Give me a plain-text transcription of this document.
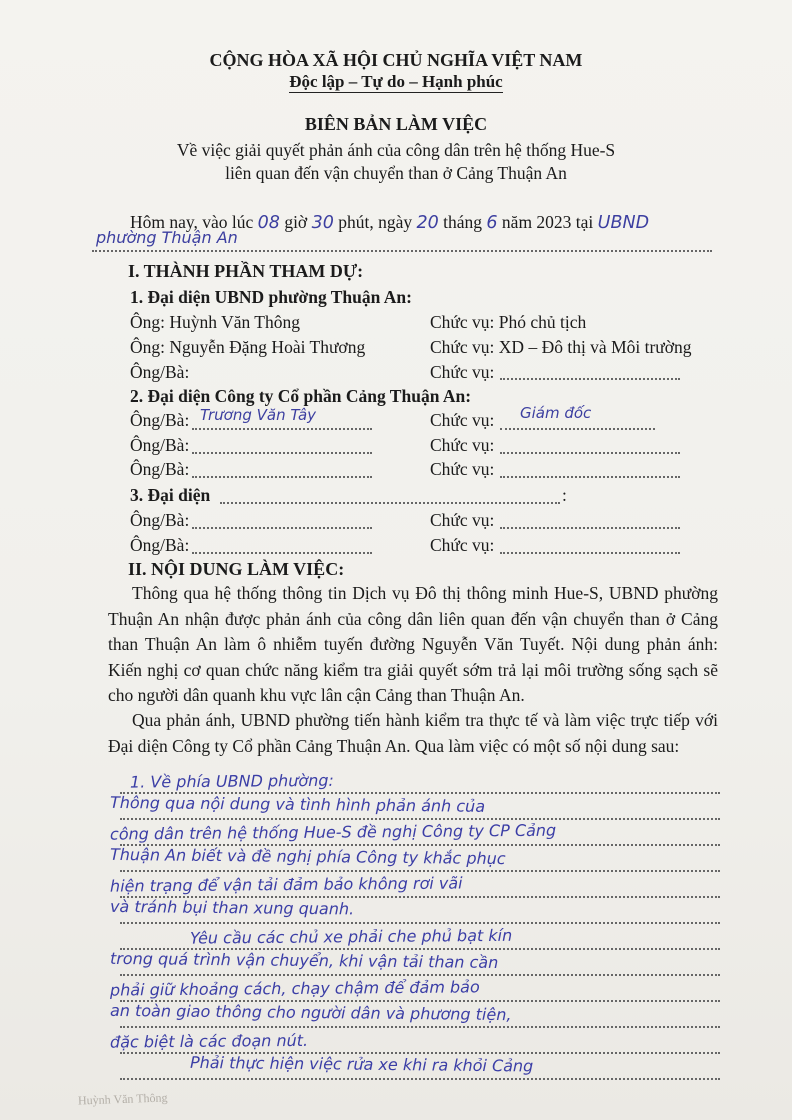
CỘNG HÒA XÃ HỘI CHỦ NGHĨA VIỆT NAM
Độc lập – Tự do – Hạnh phúc
BIÊN BẢN LÀM VIỆC
Về việc giải quyết phản ánh của công dân trên hệ thống Hue-S
liên quan đến vận chuyển than ở Cảng Thuận An
Hôm nay, vào lúc 08 giờ 30 phút, ngày 20 tháng 6 năm 2023 tại UBND
phường Thuận An
I. THÀNH PHẦN THAM DỰ:
1. Đại diện UBND phường Thuận An:
Ông: Huỳnh Văn Thông	Chức vụ: Phó chủ tịch
Ông: Nguyễn Đặng Hoài Thương	Chức vụ: XD – Đô thị và Môi trường
Ông/Bà:	Chức vụ:
2. Đại diện Công ty Cổ phần Cảng Thuận An:
Ông/Bà: Trương Văn Tây	Chức vụ: Giám đốc
Ông/Bà:	Chức vụ:
Ông/Bà:	Chức vụ:
3. Đại diện	:
Ông/Bà:	Chức vụ:
Ông/Bà:	Chức vụ:
II. NỘI DUNG LÀM VIỆC:
Thông qua hệ thống thông tin Dịch vụ Đô thị thông minh Hue-S, UBND phường Thuận An nhận được phản ánh của công dân liên quan đến vận chuyển than ở Cảng than Thuận An làm ô nhiễm tuyến đường Nguyễn Văn Tuyết. Nội dung phản ánh: Kiến nghị cơ quan chức năng kiểm tra giải quyết sớm trả lại môi trường sống sạch sẽ cho người dân quanh khu vực lân cận Cảng than Thuận An.
Qua phản ánh, UBND phường tiến hành kiểm tra thực tế và làm việc trực tiếp với Đại diện Công ty Cổ phần Cảng Thuận An. Qua làm việc có một số nội dung sau:
1. Về phía UBND phường:
Thông qua nội dung và tình hình phản ánh của
công dân trên hệ thống Hue-S đề nghị Công ty CP Cảng
Thuận An biết và đề nghị phía Công ty khắc phục
hiện trạng để vận tải đảm bảo không rơi vãi
và tránh bụi than xung quanh.
Yêu cầu các chủ xe phải che phủ bạt kín
trong quá trình vận chuyển, khi vận tải than cần
phải giữ khoảng cách, chạy chậm để đảm bảo
an toàn giao thông cho người dân và phương tiện,
đặc biệt là các đoạn nút.
Phải thực hiện việc rửa xe khi ra khỏi Cảng
Huỳnh Văn Thông
